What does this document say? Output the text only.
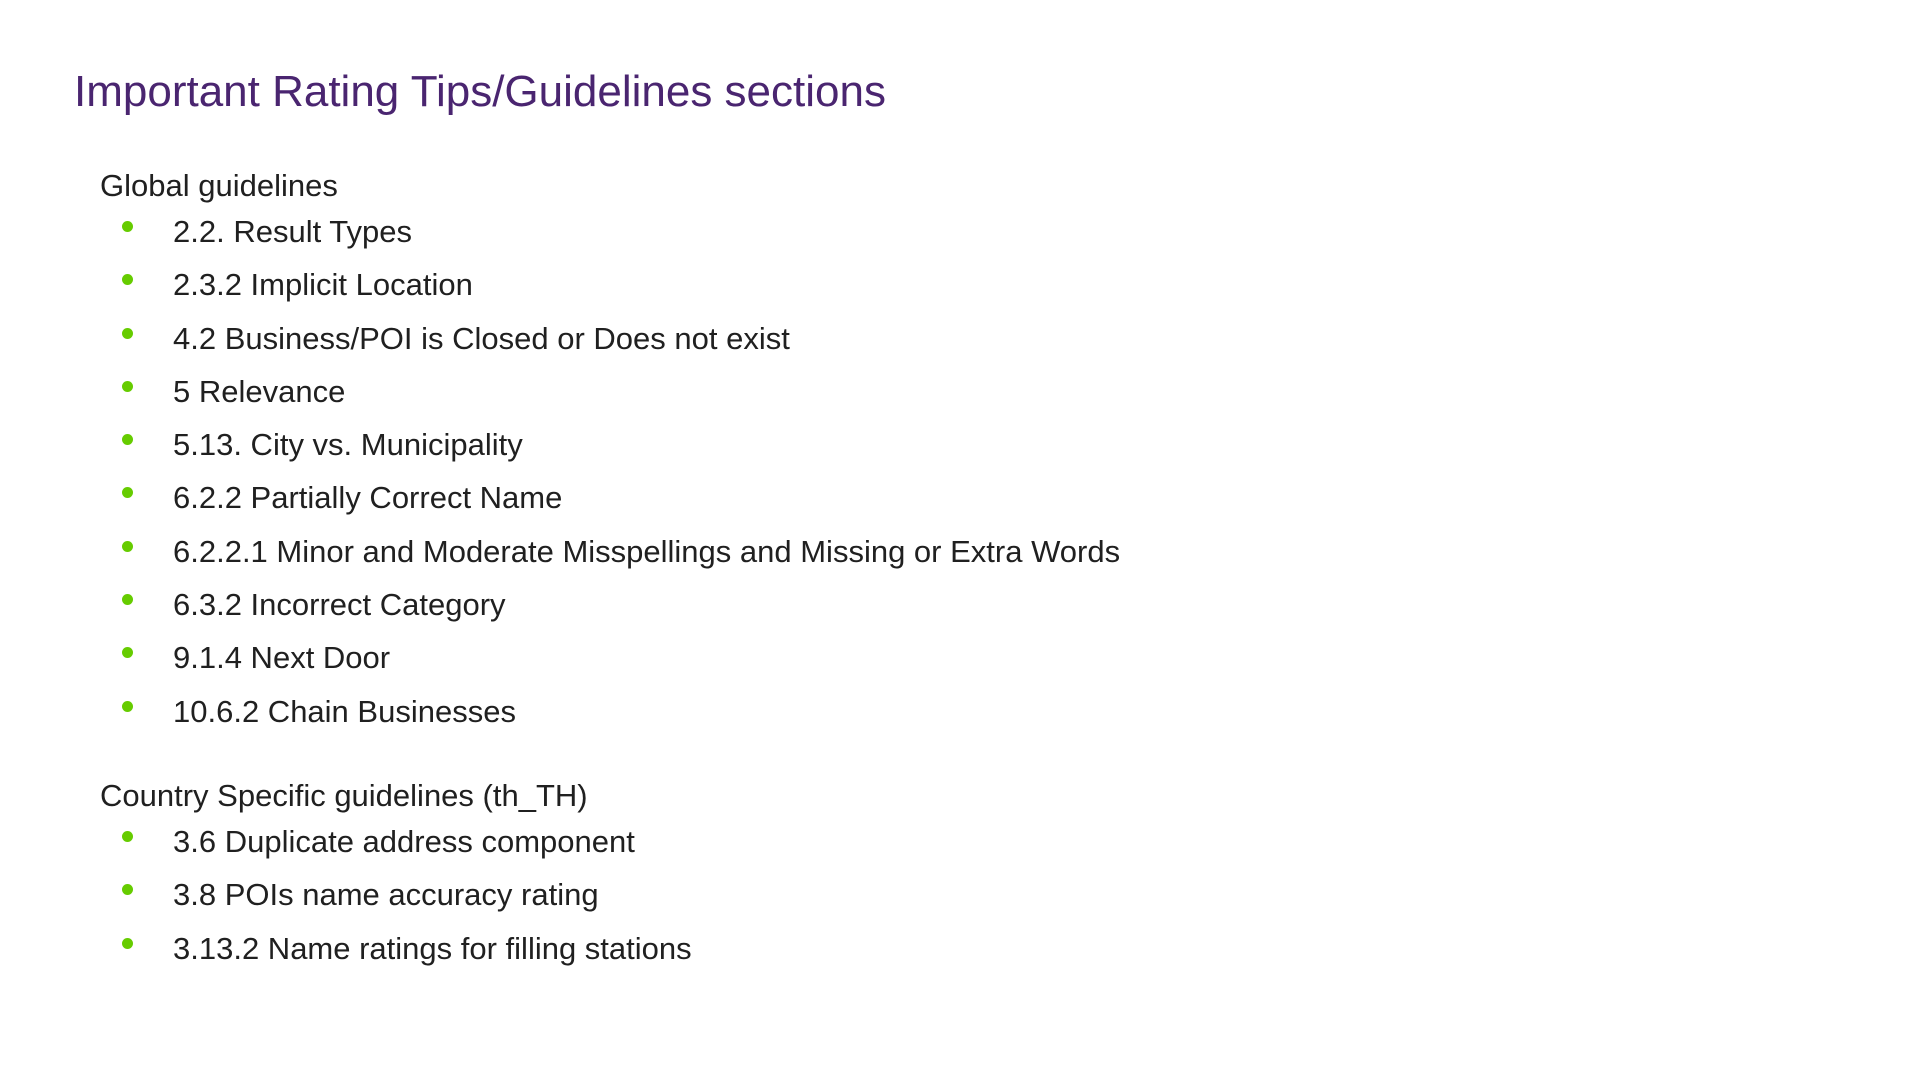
Important Rating Tips/Guidelines sections
Global guidelines
2.2. Result Types
2.3.2 Implicit Location
4.2 Business/POI is Closed or Does not exist
5 Relevance
5.13. City vs. Municipality
6.2.2 Partially Correct Name
6.2.2.1 Minor and Moderate Misspellings and Missing or Extra Words
6.3.2 Incorrect Category
9.1.4 Next Door
10.6.2 Chain Businesses
Country Specific guidelines (th_TH)
3.6 Duplicate address component
3.8 POIs name accuracy rating
3.13.2 Name ratings for filling stations
